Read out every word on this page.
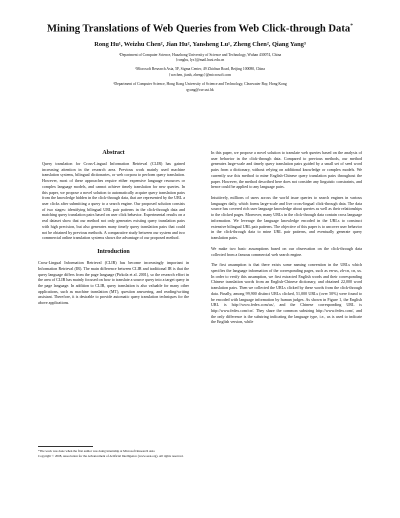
Mining Translations of Web Queries from Web Click-through Data*
Rong Hu¹, Weizhu Chen², Jian Hu², Yansheng Lu¹, Zheng Chen², Qiang Yang³
¹Department of Computer Science, Huazhong University of Science and Technology, Wuhan 430074, China
{ronghu, lys}@mail.hust.edu.cn
²Microsoft Research Asia, 5F, Sigma Center, 49 Zhichun Road, Beijing 100080, China
{wzchen, jianh, zhengc}@microsoft.com
³Department of Computer Science, Hong Kong University of Science and Technology, Clearwater Bay, Hong Kong
qyang@cse.ust.hk
Abstract

Query translation for Cross-Lingual Information Retrieval (CLIR) has gained increasing attention in the research area. Previous work mainly used machine translation systems, bilingual dictionaries, or web corpora to perform query translation. However, most of these approaches require either expensive language resources or complex language models, and cannot achieve timely translation for new queries. In this paper, we propose a novel solution to automatically acquire query translation pairs from the knowledge hidden in the click-through data, that are represented by the URL a user clicks after submitting a query to a search engine. Our proposed solution consists of two stages: identifying bilingual URL pair patterns in the click-through data and matching query translation pairs based on user click behavior. Experimental results on a real dataset show that our method not only generates existing query translation pairs with high precision, but also generates many timely query translation pairs that could not be obtained by previous methods. A comparative study between our system and two commercial online translation systems shows the advantage of our proposed method.

Introduction

Cross-Lingual Information Retrieval (CLIR) has become increasingly important in Information Retrieval (IR). The main difference between CLIR and traditional IR is that the query language differs from the page language (Pirkola et al. 2001), so the research effort in the area of CLIR has mainly focused on how to translate a source query into a target query in the page language. In addition to CLIR, query translation is also valuable for many other applications, such as machine translation (MT), question answering, and reading/writing assistant. Therefore, it is desirable to provide automatic query translation techniques for the above applications.

*The work was done when the first author was doing internship at Microsoft Research Asia

Copyright © 2008, Association for the Advancement of Artificial Intelligence (www.aaai.org). All rights reserved.

In this paper, we propose a novel solution to translate web queries based on the analysis of user behavior in the click-through data. Compared to previous methods, our method generates large-scale and timely query translation pairs guided by a small set of seed word pairs from a dictionary, without relying on additional knowledge or complex models. We currently use this method to mine English-Chinese query translation pairs throughout the paper. However, the method described here does not consider any linguistic constraints, and hence could be applied to any language pairs.

Intuitively, millions of users across the world issue queries to search engines in various languages daily, which forms large-scale and live cross-lingual click-through data. The data source has covered rich user language knowledge about queries as well as their relationships to the clicked pages. Moreover, many URLs in the click-through data contain cross language information. We leverage the language knowledge encoded in the URLs to construct extensive bilingual URL pair patterns. The objective of this paper is to uncover user behavior in the click-through data to mine URL pair patterns, and eventually generate query translation pairs.

We make two basic assumptions based on our observation on the click-through data collected from a famous commercial web search engine.

The first assumption is that there exists some naming convention in the URLs which specifies the language information of the corresponding pages, such as en-us, zh-cn, cn, us. In order to verify this assumption, we first extracted English words and their corresponding Chinese translation words from an English-Chinese dictionary, and obtained 22,000 word translation pairs. Then we collected the URLs clicked by these words from the click-through data. Finally, among 99,900 distinct URLs clicked, 51,000 URLs (over 50%) were found to be encoded with language information by human judges. As shown in Figure 1, the English URL is http://www.fedex.com/us/, and the Chinese corresponding URL is http://www.fedex.com/cn/. They share the common substring http://www.fedex.com/, and the only difference is the substring indicating the language type, i.e., us is used to indicate the English version, while
